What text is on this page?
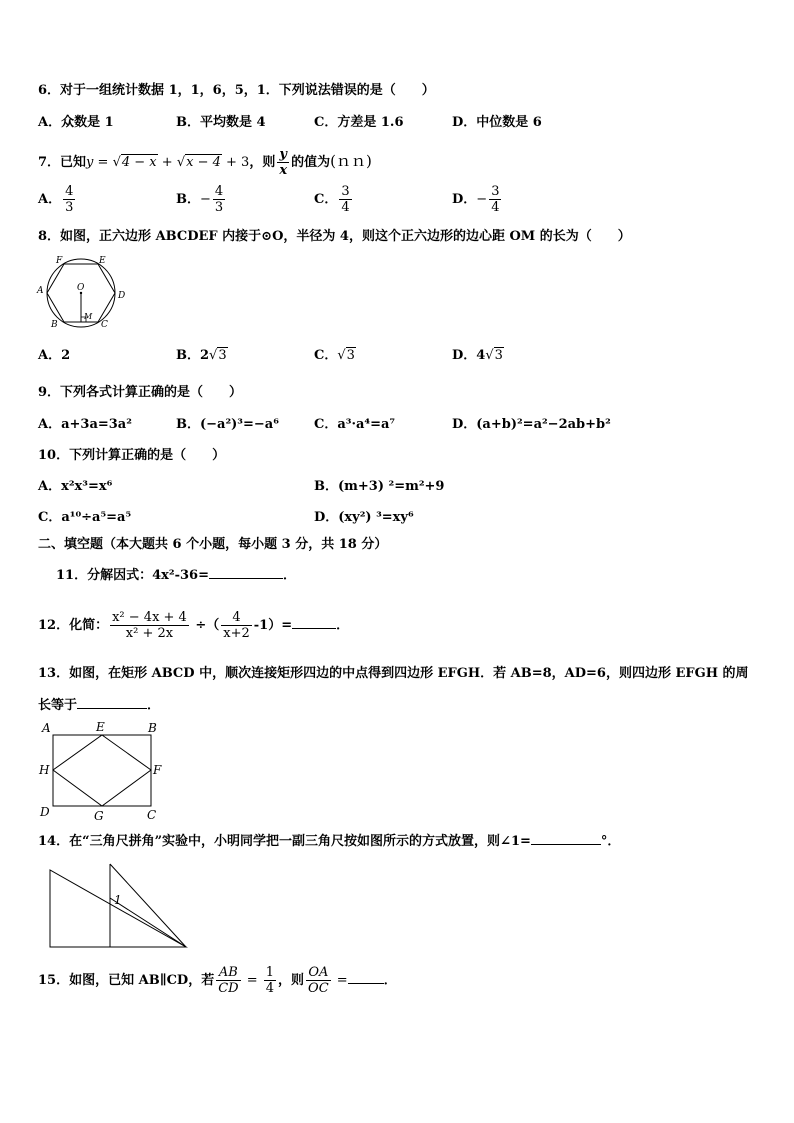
6．对于一组统计数据 1，1，6，5，1．下列说法错误的是（　　）
A．众数是 1	B．平均数是 4	C．方差是 1.6	D．中位数是 6
7．已知y = √4 − x + √x − 4 + 3，则 $\frac{y}{x}$ 的值为(ｎｎ)
A． $\frac{4}{3}$	B．− $\frac{4}{3}$	C． $\frac{3}{4}$	D．− $\frac{3}{4}$
8．如图，正六边形 ABCDEF 内接于⊙O，半径为 4，则这个正六边形的边心距 OM 的长为（　　）
A
B	C
D
E
F
O
M
A．2	B．2√3	C．√3	D．4√3
9．下列各式计算正确的是（　　）
A．a+3a=3a²	B．(−a²)³=−a⁶	C．a³·a⁴=a⁷	D．(a+b)²=a²−2ab+b²
10．下列计算正确的是（　　）
A．x²x³=x⁶	B．(m+3) ²=m²+9
C．a¹⁰÷a⁵=a⁵	D．(xy²) ³=xy⁶
二、填空题（本大题共 6 个小题，每小题 3 分，共 18 分）
11．分解因式：4x²-36=	．
12．化简： $\frac{\text{x² − 4x + 4}}{\text{x² + 2x}}$ ÷（ $\frac{4}{x+2} -1)=$	．
13．如图，在矩形 ABCD 中，顺次连接矩形四边的中点得到四边形 EFGH．若 AB=8，AD=6，则四边形 EFGH 的周
长等于	．
A	B
C
D
E
F
G
H
14．在“三角尺拼角”实验中，小明同学把一副三角尺按如图所示的方式放置，则∠1=	°．
1
15．如图，已知 AB∥CD，若 $\frac{AB}{CD} = \frac{1}{4}$ ，则 $\frac{OA}{OC}$ =	．
